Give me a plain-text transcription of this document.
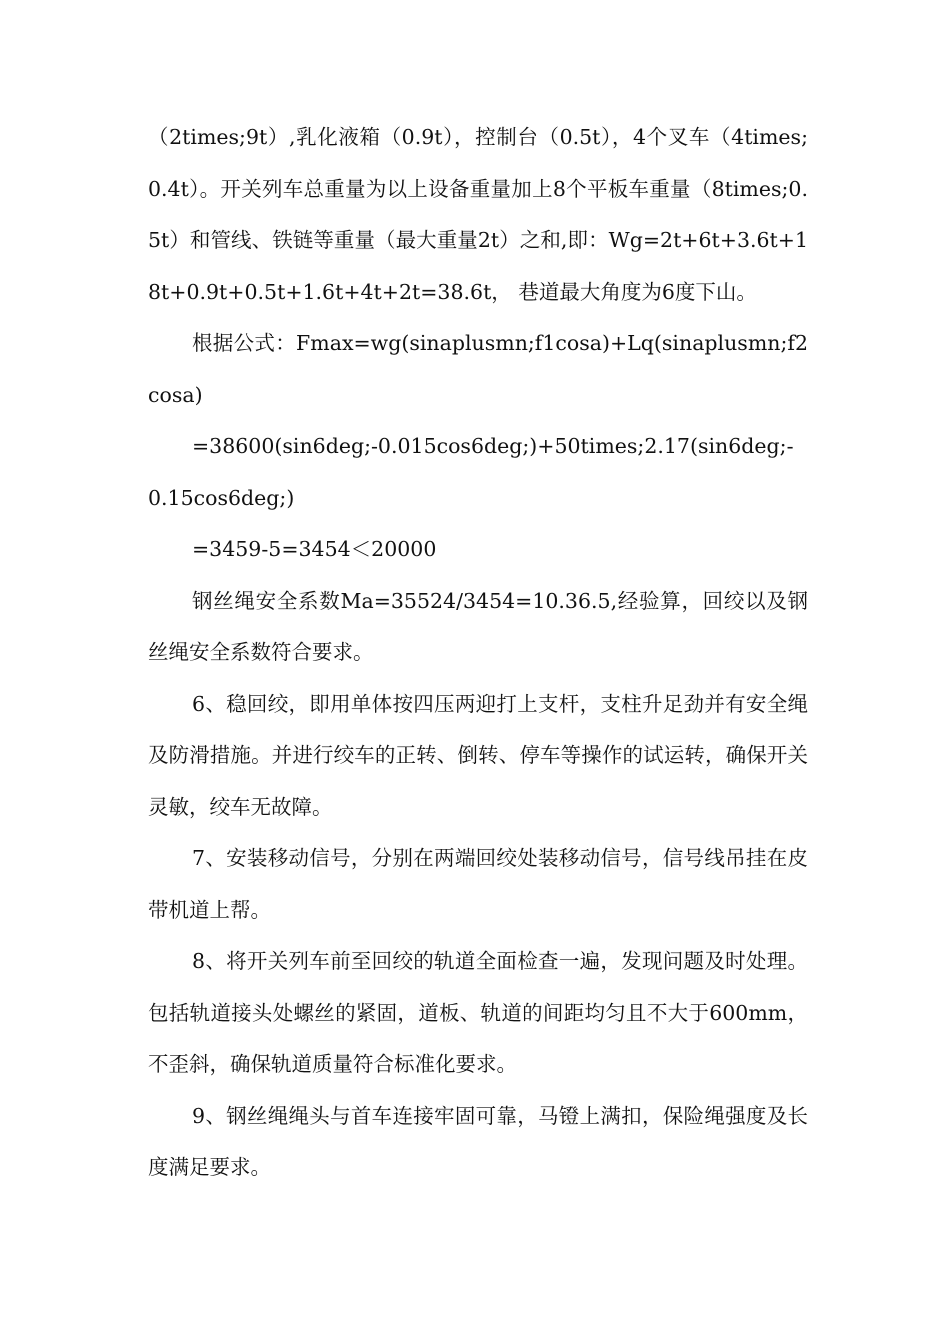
（2times;9t）,乳化液箱（0.9t），控制台（0.5t），4个叉车（4times;0.4t）。开关列车总重量为以上设备重量加上8个平板车重量（8times;0.5t）和管线、铁链等重量（最大重量2t）之和,即：Wg=2t+6t+3.6t+18t+0.9t+0.5t+1.6t+4t+2t=38.6t， 巷道最大角度为6度下山。

根据公式：Fmax=wg(sinaplusmn;f1cosa)+Lq(sinaplusmn;f2cosa)

=38600(sin6deg;-0.015cos6deg;)+50times;2.17(sin6deg;-0.15cos6deg;)

=3459-5=3454＜20000

钢丝绳安全系数Ma=35524/3454=10.36.5,经验算，回绞以及钢丝绳安全系数符合要求。

6、稳回绞，即用单体按四压两迎打上支杆，支柱升足劲并有安全绳及防滑措施。并进行绞车的正转、倒转、停车等操作的试运转，确保开关灵敏，绞车无故障。

7、安装移动信号，分别在两端回绞处装移动信号，信号线吊挂在皮带机道上帮。

8、将开关列车前至回绞的轨道全面检查一遍，发现问题及时处理。包括轨道接头处螺丝的紧固，道板、轨道的间距均匀且不大于600mm，不歪斜，确保轨道质量符合标准化要求。

9、钢丝绳绳头与首车连接牢固可靠，马镫上满扣，保险绳强度及长度满足要求。
